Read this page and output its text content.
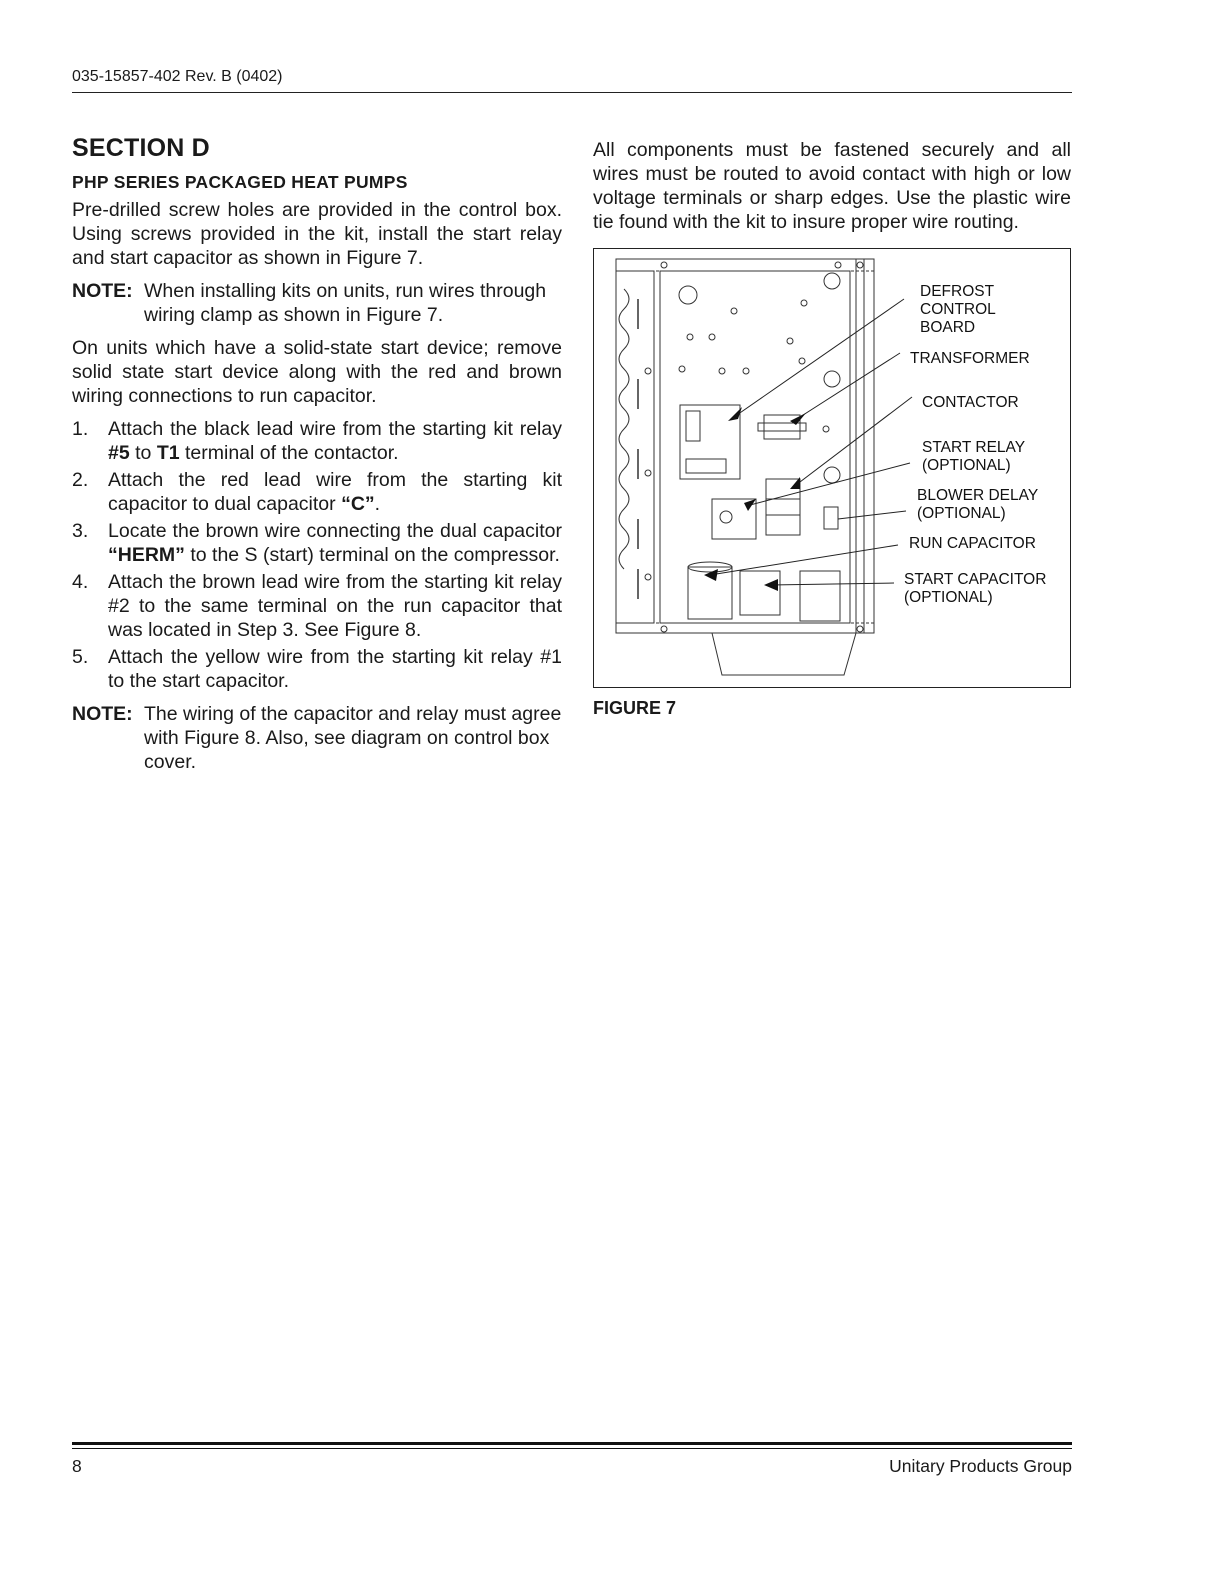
035-15857-402 Rev. B (0402)
SECTION D
PHP SERIES PACKAGED HEAT PUMPS

Pre-drilled screw holes are provided in the control box. Using screws provided in the kit, install the start relay and start capacitor as shown in Figure 7.

NOTE: When installing kits on units, run wires through wiring clamp as shown in Figure 7.

On units which have a solid-state start device; remove solid state start device along with the red and brown wiring connections to run capacitor.

1. Attach the black lead wire from the starting kit relay #5 to T1 terminal of the contactor.
2. Attach the red lead wire from the starting kit capacitor to dual capacitor “C”.
3. Locate the brown wire connecting the dual capacitor “HERM” to the S (start) terminal on the compressor.
4. Attach the brown lead wire from the starting kit relay #2 to the same terminal on the run capacitor that was located in Step 3. See Figure 8.
5. Attach the yellow wire from the starting kit relay #1 to the start capacitor.
NOTE: The wiring of the capacitor and relay must agree with Figure 8. Also, see diagram on control box cover.

All components must be fastened securely and all wires must be routed to avoid contact with high or low voltage terminals or sharp edges. Use the plastic wire tie found with the kit to insure proper wire routing.

DEFROST
CONTROL
BOARD
TRANSFORMER
CONTACTOR
START RELAY
(OPTIONAL)
BLOWER DELAY
(OPTIONAL)
RUN CAPACITOR
START CAPACITOR
(OPTIONAL)
FIGURE 7
8	Unitary Products Group
